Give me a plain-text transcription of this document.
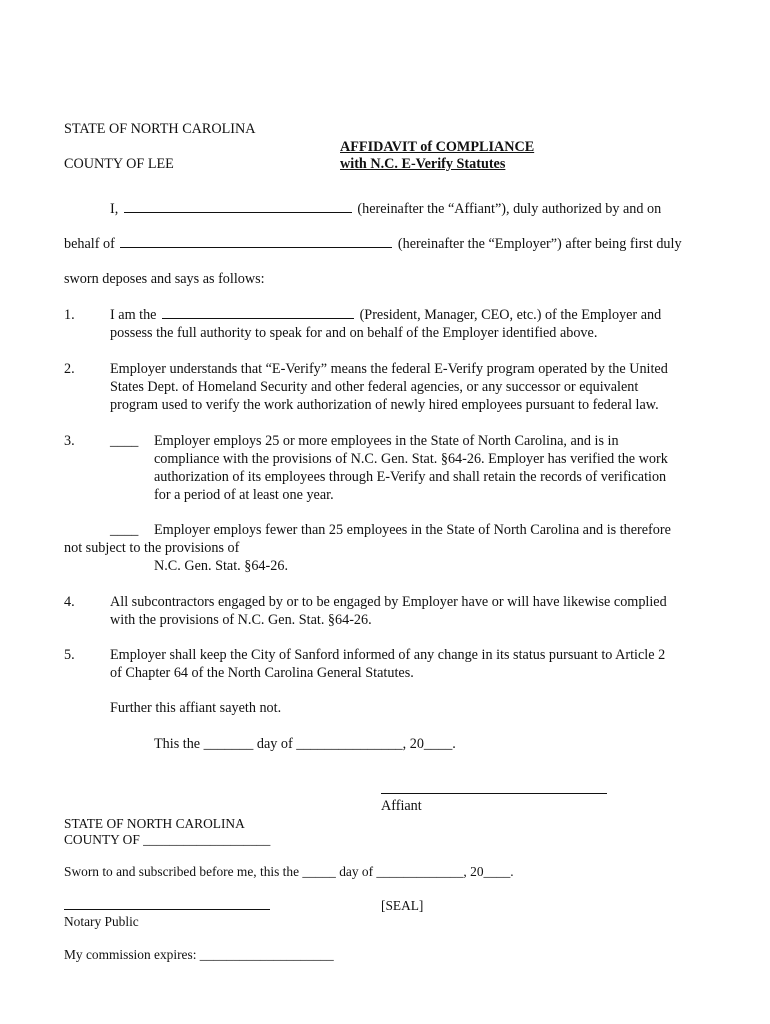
STATE OF NORTH CAROLINA
AFFIDAVIT of COMPLIANCE
COUNTY OF LEE	with N.C. E-Verify Statutes
I,	(hereinafter the “Affiant”), duly authorized by and on
behalf of	(hereinafter the “Employer”) after being first duly
sworn deposes and says as follows:
1. I am the	(President, Manager, CEO, etc.) of the Employer and
possess the full authority to speak for and on behalf of the Employer identified above.
2. Employer understands that “E-Verify” means the federal E-Verify program operated by the United
States Dept. of Homeland Security and other federal agencies, or any successor or equivalent
program used to verify the work authorization of newly hired employees pursuant to federal law.
3. ____ Employer employs 25 or more employees in the State of North Carolina, and is in
compliance with the provisions of N.C. Gen. Stat. §64-26. Employer has verified the work
authorization of its employees through E-Verify and shall retain the records of verification
for a period of at least one year.
____ Employer employs fewer than 25 employees in the State of North Carolina and is therefore
not subject to the provisions of
N.C. Gen. Stat. §64-26.
4. All subcontractors engaged by or to be engaged by Employer have or will have likewise complied
with the provisions of N.C. Gen. Stat. §64-26.
5. Employer shall keep the City of Sanford informed of any change in its status pursuant to Article 2
of Chapter 64 of the North Carolina General Statutes.
Further this affiant sayeth not.
This the _______ day of _______________, 20____.
Affiant
STATE OF NORTH CAROLINA
COUNTY OF ___________________
Sworn to and subscribed before me, this the _____ day of _____________, 20____.
[SEAL]
Notary Public
My commission expires: ____________________
